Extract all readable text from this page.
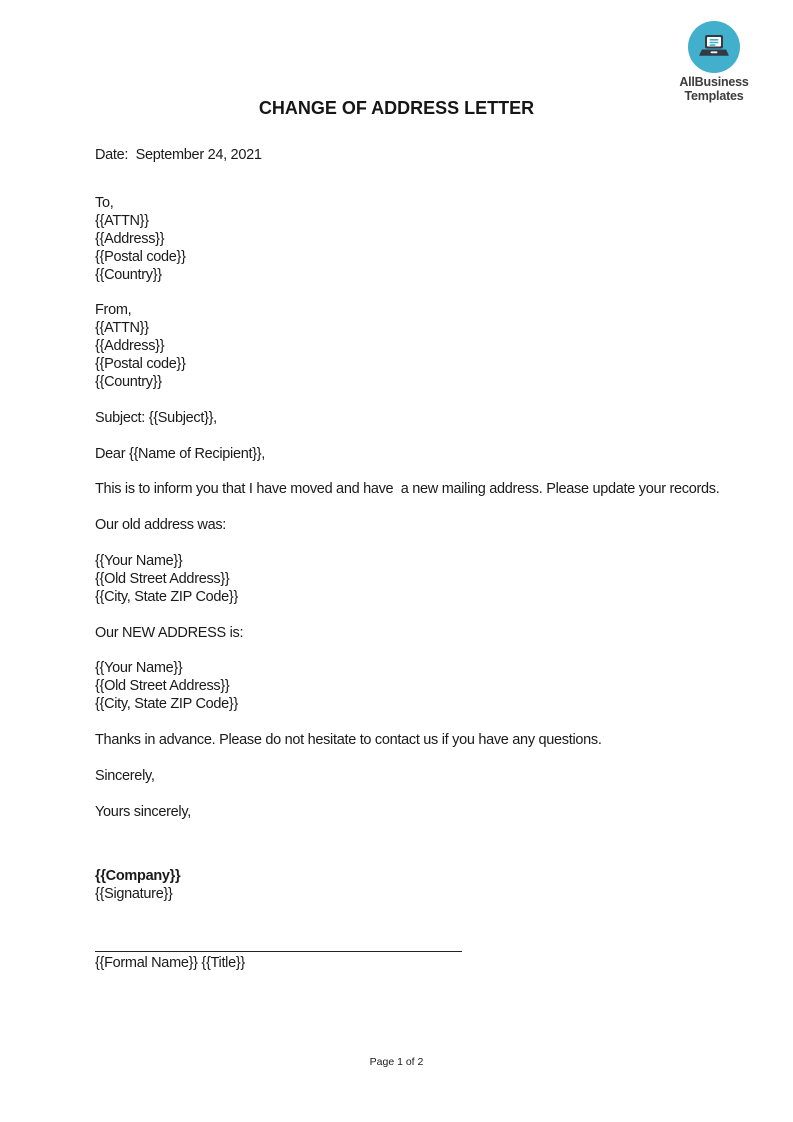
AllBusiness
Templates
CHANGE OF ADDRESS LETTER
Date:  September 24, 2021
To,
{{ATTN}}
{{Address}}
{{Postal code}}
{{Country}}
From,
{{ATTN}}
{{Address}}
{{Postal code}}
{{Country}}
Subject: {{Subject}},
Dear {{Name of Recipient}},
This is to inform you that I have moved and have  a new mailing address. Please update your records.
Our old address was:
{{Your Name}}
{{Old Street Address}}
{{City, State ZIP Code}}
Our NEW ADDRESS is:
{{Your Name}}
{{Old Street Address}}
{{City, State ZIP Code}}
Thanks in advance. Please do not hesitate to contact us if you have any questions.
Sincerely,
Yours sincerely,
{{Company}}
{{Signature}}
{{Formal Name}} {{Title}}
Page 1 of 2
